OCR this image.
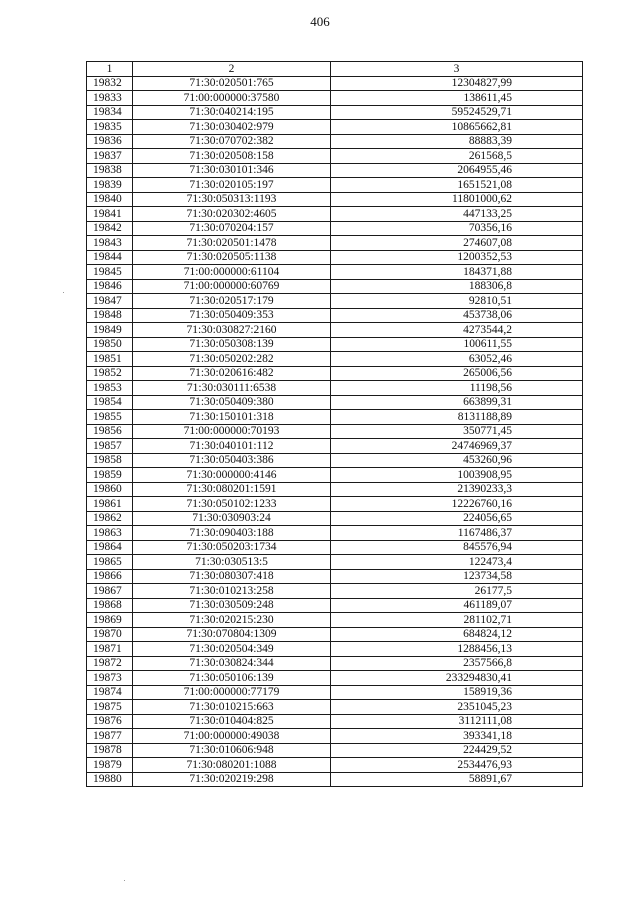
406
1	2	3
19832	71:30:020501:765	12304827,99
19833	71:00:000000:37580	138611,45
19834	71:30:040214:195	59524529,71
19835	71:30:030402:979	10865662,81
19836	71:30:070702:382	88883,39
19837	71:30:020508:158	261568,5
19838	71:30:030101:346	2064955,46
19839	71:30:020105:197	1651521,08
19840	71:30:050313:1193	11801000,62
19841	71:30:020302:4605	447133,25
19842	71:30:070204:157	70356,16
19843	71:30:020501:1478	274607,08
19844	71:30:020505:1138	1200352,53
19845	71:00:000000:61104	184371,88
19846	71:00:000000:60769	188306,8
19847	71:30:020517:179	92810,51
19848	71:30:050409:353	453738,06
19849	71:30:030827:2160	4273544,2
19850	71:30:050308:139	100611,55
19851	71:30:050202:282	63052,46
19852	71:30:020616:482	265006,56
19853	71:30:030111:6538	11198,56
19854	71:30:050409:380	663899,31
19855	71:30:150101:318	8131188,89
19856	71:00:000000:70193	350771,45
19857	71:30:040101:112	24746969,37
19858	71:30:050403:386	453260,96
19859	71:30:000000:4146	1003908,95
19860	71:30:080201:1591	21390233,3
19861	71:30:050102:1233	12226760,16
19862	71:30:030903:24	224056,65
19863	71:30:090403:188	1167486,37
19864	71:30:050203:1734	845576,94
19865	71:30:030513:5	122473,4
19866	71:30:080307:418	123734,58
19867	71:30:010213:258	26177,5
19868	71:30:030509:248	461189,07
19869	71:30:020215:230	281102,71
19870	71:30:070804:1309	684824,12
19871	71:30:020504:349	1288456,13
19872	71:30:030824:344	2357566,8
19873	71:30:050106:139	233294830,41
19874	71:00:000000:77179	158919,36
19875	71:30:010215:663	2351045,23
19876	71:30:010404:825	3112111,08
19877	71:00:000000:49038	393341,18
19878	71:30:010606:948	224429,52
19879	71:30:080201:1088	2534476,93
19880	71:30:020219:298	58891,67
